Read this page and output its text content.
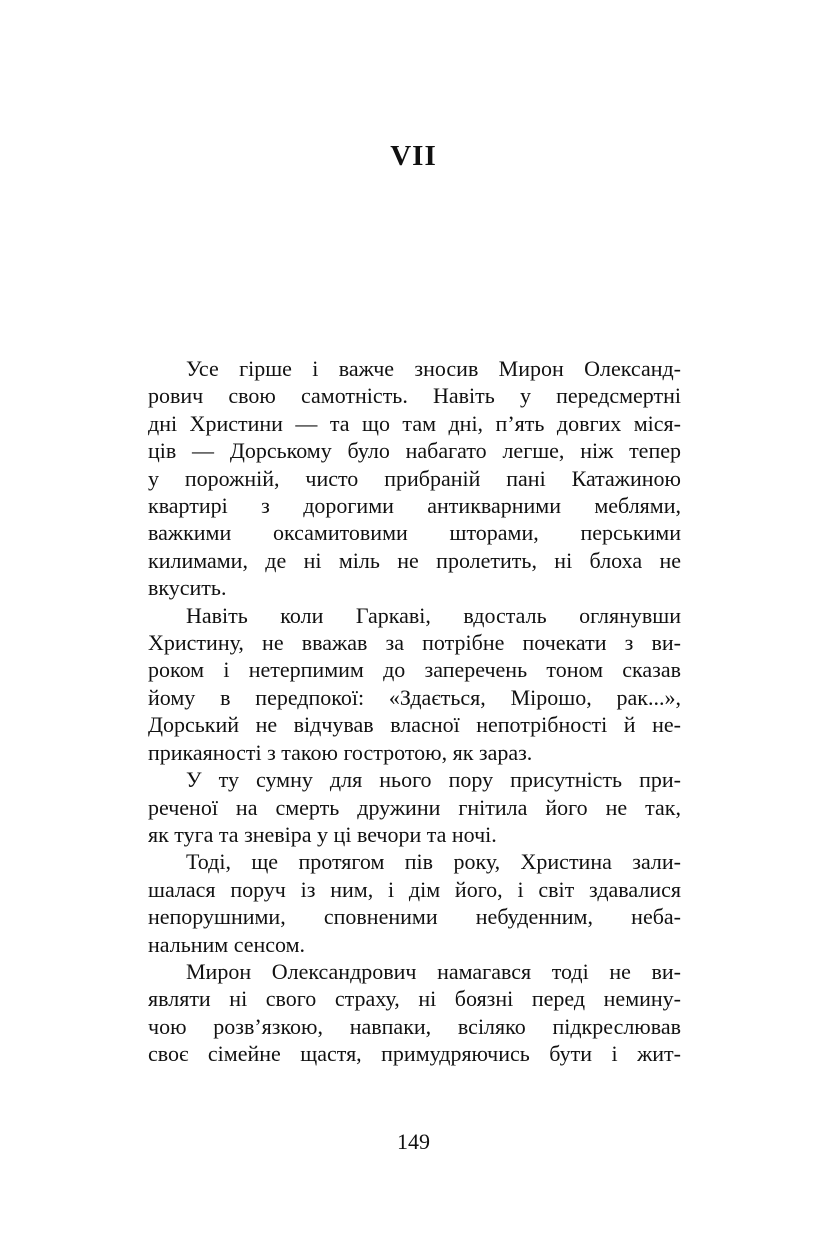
VII
Усе гірше і важче зносив Мирон Олександ-
рович свою самотність. Навіть у передсмертні
дні Христини — та що там дні, п’ять довгих міся-
ців — Дорському було набагато легше, ніж тепер
у порожній, чисто прибраній пані Катажиною
квартирі з дорогими антикварними меблями,
важкими оксамитовими шторами, перськими
килимами, де ні міль не пролетить, ні блоха не
вкусить.
Навіть коли Гаркаві, вдосталь оглянувши
Христину, не вважав за потрібне почекати з ви-
роком і нетерпимим до заперечень тоном сказав
йому в передпокої: «Здається, Мірошо, рак...»,
Дорський не відчував власної непотрібності й не-
прикаяності з такою гостротою, як зараз.
У ту сумну для нього пору присутність при-
реченої на смерть дружини гнітила його не так,
як туга та зневіра у ці вечори та ночі.
Тоді, ще протягом пів року, Христина зали-
шалася поруч із ним, і дім його, і світ здавалися
непорушними, сповненими небуденним, неба-
нальним сенсом.
Мирон Олександрович намагався тоді не ви-
являти ні свого страху, ні боязні перед немину-
чою розв’язкою, навпаки, всіляко підкреслював
своє сімейне щастя, примудряючись бути і жит-
149
